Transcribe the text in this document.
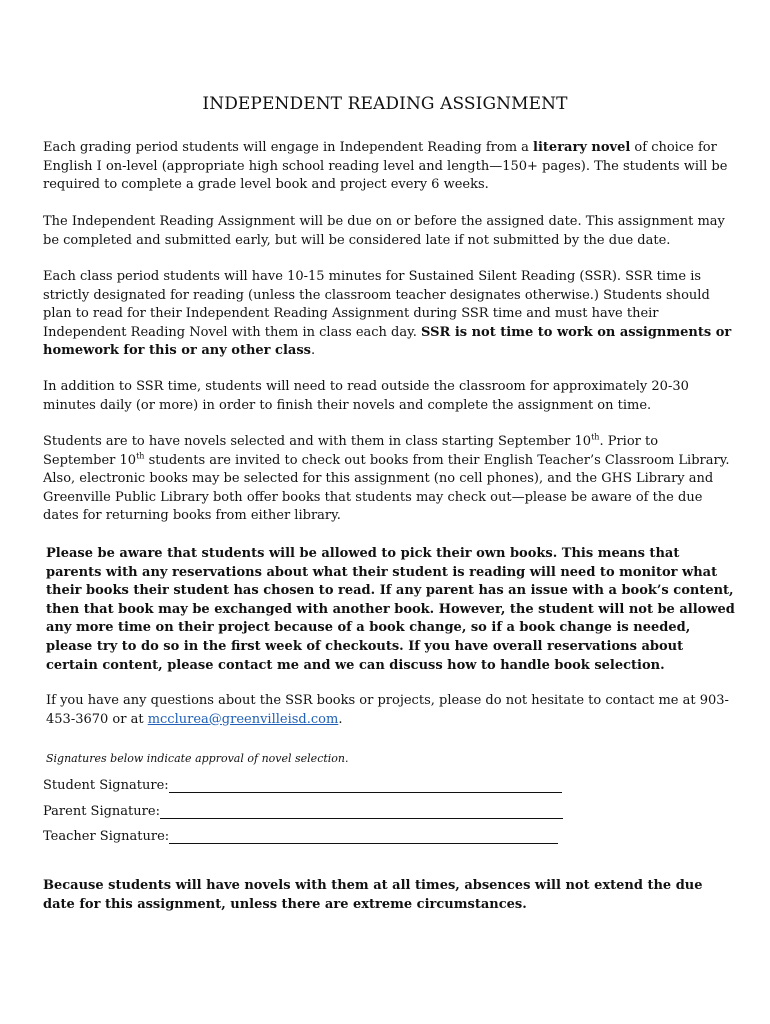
INDEPENDENT READING ASSIGNMENT

Each grading period students will engage in Independent Reading from a literary novel of choice for English I on-level (appropriate high school reading level and length—150+ pages). The students will be required to complete a grade level book and project every 6 weeks.

The Independent Reading Assignment will be due on or before the assigned date. This assignment may be completed and submitted early, but will be considered late if not submitted by the due date.

Each class period students will have 10-15 minutes for Sustained Silent Reading (SSR). SSR time is strictly designated for reading (unless the classroom teacher designates otherwise.) Students should plan to read for their Independent Reading Assignment during SSR time and must have their Independent Reading Novel with them in class each day. SSR is not time to work on assignments or homework for this or any other class.

In addition to SSR time, students will need to read outside the classroom for approximately 20-30 minutes daily (or more) in order to finish their novels and complete the assignment on time.

Students are to have novels selected and with them in class starting September 10th. Prior to September 10th students are invited to check out books from their English Teacher’s Classroom Library. Also, electronic books may be selected for this assignment (no cell phones), and the GHS Library and Greenville Public Library both offer books that students may check out—please be aware of the due dates for returning books from either library.

Please be aware that students will be allowed to pick their own books. This means that parents with any reservations about what their student is reading will need to monitor what their books their student has chosen to read. If any parent has an issue with a book’s content, then that book may be exchanged with another book. However, the student will not be allowed any more time on their project because of a book change, so if a book change is needed, please try to do so in the first week of checkouts. If you have overall reservations about certain content, please contact me and we can discuss how to handle book selection.

If you have any questions about the SSR books or projects, please do not hesitate to contact me at 903-453-3670 or at mcclurea@greenvilleisd.com.

Signatures below indicate approval of novel selection.
Student Signature:
Parent Signature:
Teacher Signature:

Because students will have novels with them at all times, absences will not extend the due date for this assignment, unless there are extreme circumstances.
